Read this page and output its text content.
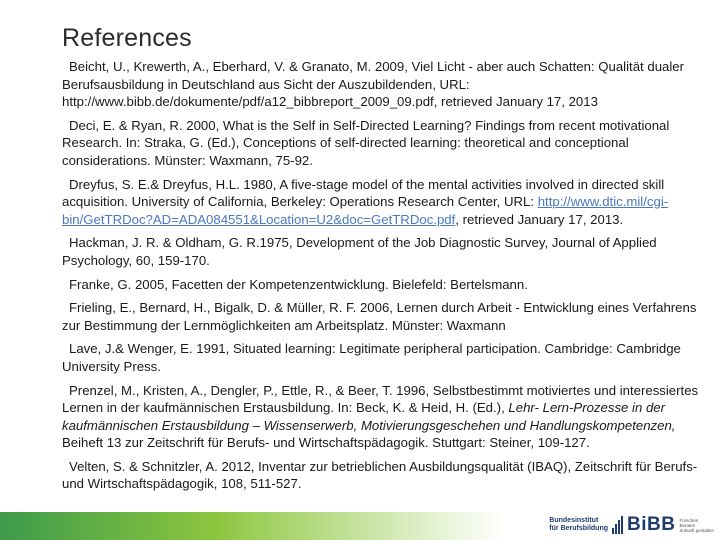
References

Beicht, U., Krewerth, A., Eberhard, V. & Granato, M. 2009, Viel Licht - aber auch Schatten: Qualität dualer Berufsausbildung in Deutschland aus Sicht der Auszubildenden, URL: http://www.bibb.de/dokumente/pdf/a12_bibbreport_2009_09.pdf, retrieved January 17, 2013

Deci, E. & Ryan, R. 2000, What is the Self in Self-Directed Learning? Findings from recent motivational Research. In: Straka, G. (Ed.), Conceptions of self-directed learning: theoretical and conceptional considerations. Münster: Waxmann, 75-92.

Dreyfus, S. E.& Dreyfus, H.L. 1980, A five-stage model of the mental activities involved in directed skill acquisition. University of California, Berkeley: Operations Research Center, URL: http://www.dtic.mil/cgi-bin/GetTRDoc?AD=ADA084551&Location=U2&doc=GetTRDoc.pdf, retrieved January 17, 2013.

Hackman, J. R. & Oldham, G. R.1975, Development of the Job Diagnostic Survey, Journal of Applied Psychology, 60, 159-170.

Franke, G. 2005, Facetten der Kompetenzentwicklung. Bielefeld: Bertelsmann.

Frieling, E., Bernard, H., Bigalk, D. & Müller, R. F. 2006, Lernen durch Arbeit - Entwicklung eines Verfahrens zur Bestimmung der Lernmöglichkeiten am Arbeitsplatz. Münster: Waxmann

Lave, J.& Wenger, E. 1991, Situated learning: Legitimate peripheral participation. Cambridge: Cambridge University Press.

Prenzel, M., Kristen, A., Dengler, P., Ettle, R., & Beer, T. 1996, Selbstbestimmt motiviertes und interessiertes Lernen in der kaufmännischen Erstausbildung. In: Beck, K. & Heid, H. (Ed.), Lehr- Lern-Prozesse in der kaufmännischen Erstausbildung – Wissenserwerb, Motivierungsgeschehen und Handlungskompetenzen, Beiheft 13 zur Zeitschrift für Berufs- und Wirtschaftspädagogik. Stuttgart: Steiner, 109-127.

Velten, S. & Schnitzler, A. 2012, Inventar zur betrieblichen Ausbildungsqualität (IBAQ), Zeitschrift für Berufs- und Wirtschaftspädagogik, 108, 511-527.

Bundesinstitut
für Berufsbildung BiBB Forschen
Beraten
Zukunft gestalten
